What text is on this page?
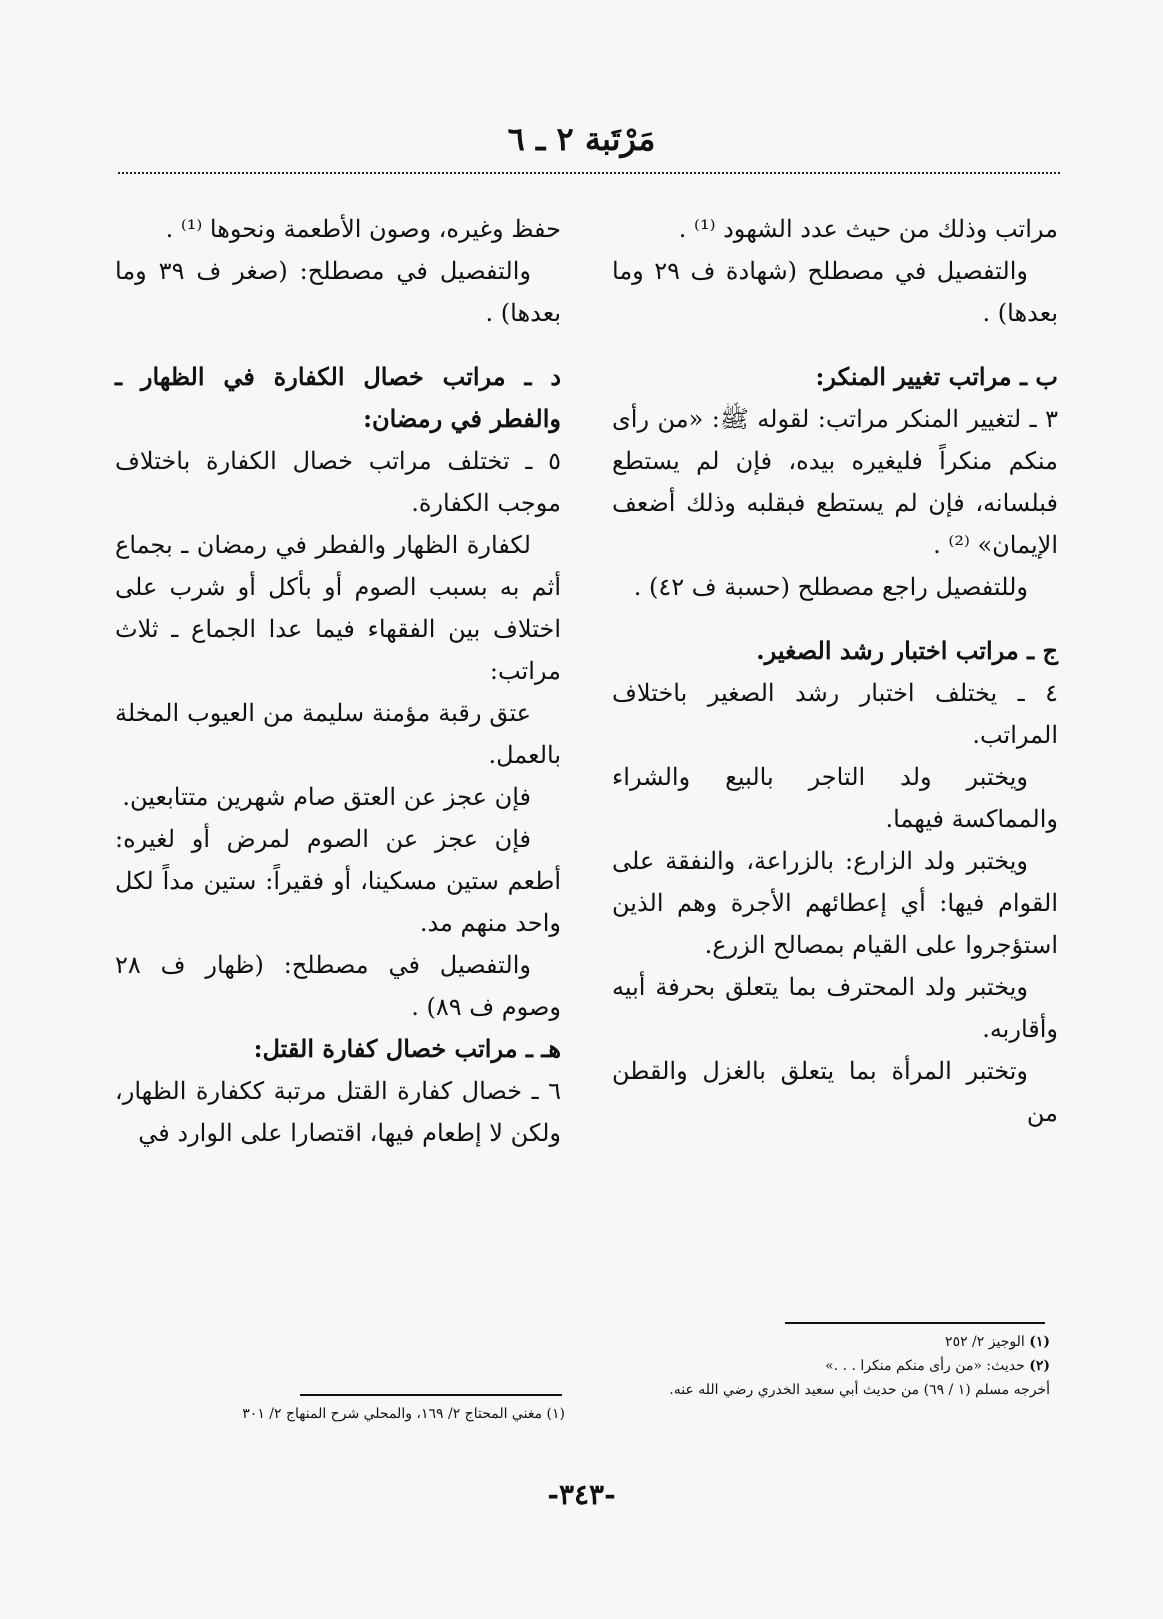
مَرْتَبة ٢ ـ ٦

مراتب وذلك من حيث عدد الشهود ⁽¹⁾ .

والتفصيل في مصطلح (شهادة ف ٢٩ وما بعدها) .

ب ـ مراتب تغيير المنكر:

٣ ـ لتغيير المنكر مراتب: لقوله ﷺ: «من رأى منكم منكراً فليغيره بيده، فإن لم يستطع فبلسانه، فإن لم يستطع فبقلبه وذلك أضعف الإيمان» ⁽²⁾ .

وللتفصيل راجع مصطلح (حسبة ف ٤٢) .

ج ـ مراتب اختبار رشد الصغير.

٤ ـ يختلف اختبار رشد الصغير باختلاف المراتب.

ويختبر ولد التاجر بالبيع والشراء والمماكسة فيهما.

ويختبر ولد الزارع: بالزراعة، والنفقة على القوام فيها: أي إعطائهم الأجرة وهم الذين استؤجروا على القيام بمصالح الزرع.

ويختبر ولد المحترف بما يتعلق بحرفة أبيه وأقاربه.

وتختبر المرأة بما يتعلق بالغزل والقطن من

حفظ وغيره، وصون الأطعمة ونحوها ⁽¹⁾ .

والتفصيل في مصطلح: (صغر ف ٣٩ وما بعدها) .

د ـ مراتب خصال الكفارة في الظهار ـ والفطر في رمضان:

٥ ـ تختلف مراتب خصال الكفارة باختلاف موجب الكفارة.

لكفارة الظهار والفطر في رمضان ـ بجماع أثم به بسبب الصوم أو بأكل أو شرب على اختلاف بين الفقهاء فيما عدا الجماع ـ ثلاث مراتب:

عتق رقبة مؤمنة سليمة من العيوب المخلة بالعمل.

فإن عجز عن العتق صام شهرين متتابعين.

فإن عجز عن الصوم لمرض أو لغيره: أطعم ستين مسكينا، أو فقيراً: ستين مداً لكل واحد منهم مد.

والتفصيل في مصطلح: (ظهار ف ٢٨ وصوم ف ٨٩) .

هـ ـ مراتب خصال كفارة القتل:

٦ ـ خصال كفارة القتل مرتبة ككفارة الظهار، ولكن لا إطعام فيها، اقتصارا على الوارد في

(١) الوجيز ٢/ ٢٥٢

(٢) حديث: «من رأى منكم منكرا . . .»

أخرجه مسلم (١ / ٦٩) من حديث أبي سعيد الخدري رضي الله عنه.

(١) مغني المحتاج ٢/ ١٦٩، والمحلي شرح المنهاج ٢/ ٣٠١

-٣٤٣-
